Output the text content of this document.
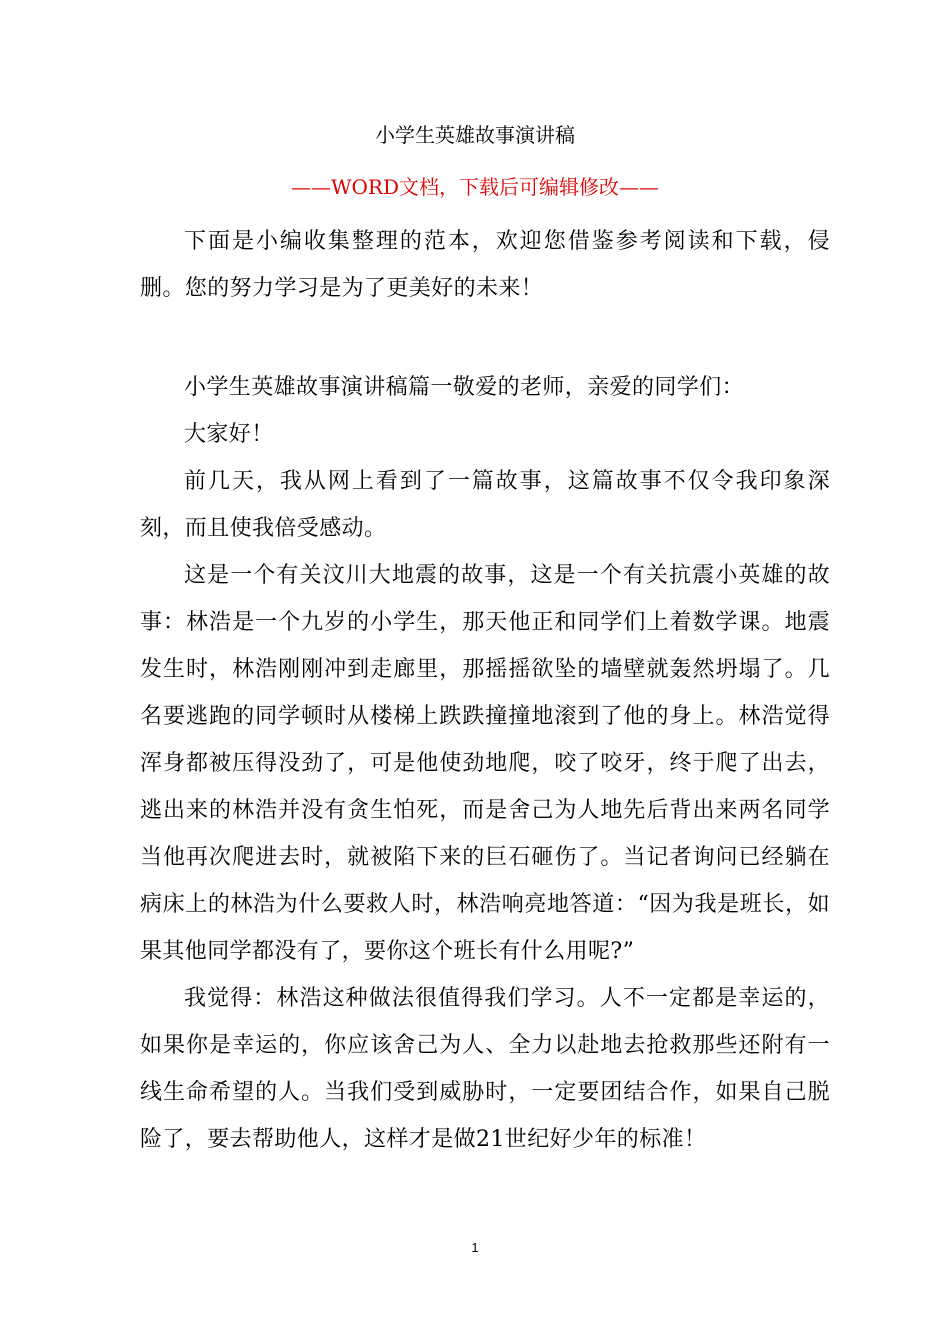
小学生英雄故事演讲稿
——WORD文档，下载后可编辑修改——

下面是小编收集整理的范本，欢迎您借鉴参考阅读和下载，侵删。您的努力学习是为了更美好的未来！

小学生英雄故事演讲稿篇一敬爱的老师，亲爱的同学们：

大家好！

前几天，我从网上看到了一篇故事，这篇故事不仅令我印象深刻，而且使我倍受感动。

这是一个有关汶川大地震的故事，这是一个有关抗震小英雄的故事：林浩是一个九岁的小学生，那天他正和同学们上着数学课。地震发生时，林浩刚刚冲到走廊里，那摇摇欲坠的墙壁就轰然坍塌了。几名要逃跑的同学顿时从楼梯上跌跌撞撞地滚到了他的身上。林浩觉得浑身都被压得没劲了，可是他使劲地爬，咬了咬牙，终于爬了出去，逃出来的林浩并没有贪生怕死，而是舍己为人地先后背出来两名同学当他再次爬进去时，就被陷下来的巨石砸伤了。当记者询问已经躺在病床上的林浩为什么要救人时，林浩响亮地答道：“因为我是班长，如果其他同学都没有了，要你这个班长有什么用呢?”

我觉得：林浩这种做法很值得我们学习。人不一定都是幸运的，如果你是幸运的，你应该舍己为人、全力以赴地去抢救那些还附有一线生命希望的人。当我们受到威胁时，一定要团结合作，如果自己脱险了，要去帮助他人，这样才是做21世纪好少年的标准！

1
